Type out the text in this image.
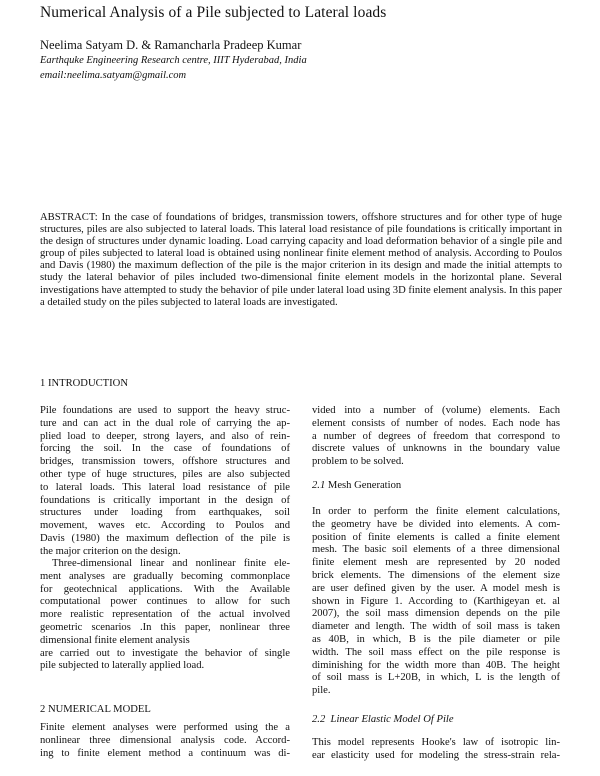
Numerical Analysis of a Pile subjected to Lateral loads
Neelima Satyam D. & Ramancharla Pradeep Kumar
Earthquke Engineering Research centre, IIIT Hyderabad, India
email:neelima.satyam@gmail.com
ABSTRACT: In the case of foundations of bridges, transmission towers, offshore structures and for other type of huge structures, piles are also subjected to lateral loads. This lateral load resistance of pile foundations is critically important in the design of structures under dynamic loading. Load carrying capacity and load deformation behavior of a single pile and group of piles subjected to lateral load is obtained using nonlinear finite element method of analysis. According to Poulos and Davis (1980) the maximum deflection of the pile is the major criterion in its design and made the initial attempts to study the lateral behavior of piles included two-dimensional finite element models in the horizontal plane. Several investigations have attempted to study the behavior of pile under lateral load using 3D finite element analysis. In this paper a detailed study on the piles subjected to lateral loads are investigated.
1 INTRODUCTION

Pile foundations are used to support the heavy struc-

ture and can act in the dual role of carrying the ap-

plied load to deeper, strong layers, and also of rein-

forcing the soil. In the case of foundations of

bridges, transmission towers, offshore structures and

other type of huge structures, piles are also subjected

to lateral loads. This lateral load resistance of pile

foundations is critically important in the design of

structures under loading from earthquakes, soil

movement, waves etc. According to Poulos and

Davis (1980) the maximum deflection of the pile is

the major criterion on the design.

Three-dimensional linear and nonlinear finite ele-

ment analyses are gradually becoming commonplace

for geotechnical applications. With the Available

computational power continues to allow for such

more realistic representation of the actual involved

geometric scenarios .In this paper, nonlinear three

dimensional finite element analysis

are carried out to investigate the behavior of single

pile subjected to laterally applied load.

2 NUMERICAL MODEL

Finite element analyses were performed using the a

nonlinear three dimensional analysis code. Accord-

ing to finite element method a continuum was di-

vided into a number of (volume) elements. Each

element consists of number of nodes. Each node has

a number of degrees of freedom that correspond to

discrete values of unknowns in the boundary value

problem to be solved.

2.1 Mesh Generation

In order to perform the finite element calculations,

the geometry have be divided into elements. A com-

position of finite elements is called a finite element

mesh. The basic soil elements of a three dimensional

finite element mesh are represented by 20 noded

brick elements. The dimensions of the element size

are user defined given by the user. A model mesh is

shown in Figure 1. According to (Karthigeyan et. al

2007), the soil mass dimension depends on the pile

diameter and length. The width of soil mass is taken

as 40B, in which, B is the pile diameter or pile

width. The soil mass effect on the pile response is

diminishing for the width more than 40B. The height

of soil mass is L+20B, in which, L is the length of

pile.

2.2 Linear Elastic Model Of Pile

This model represents Hooke's law of isotropic lin-

ear elasticity used for modeling the stress-strain rela-
